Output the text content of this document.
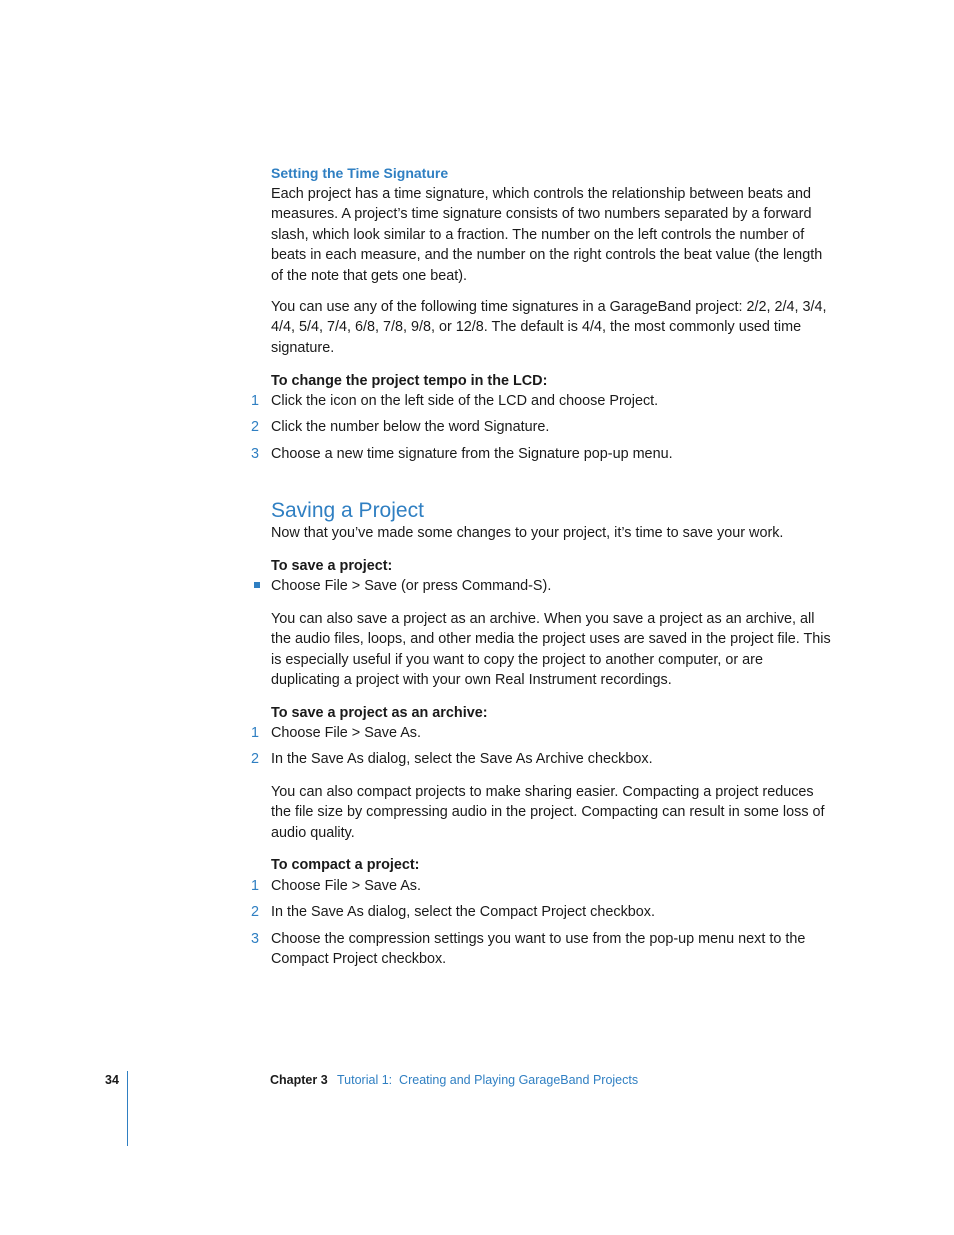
Setting the Time Signature

Each project has a time signature, which controls the relationship between beats and measures. A project’s time signature consists of two numbers separated by a forward slash, which look similar to a fraction. The number on the left controls the number of beats in each measure, and the number on the right controls the beat value (the length of the note that gets one beat).

You can use any of the following time signatures in a GarageBand project: 2/2, 2/4, 3/4, 4/4, 5/4, 7/4, 6/8, 7/8, 9/8, or 12/8. The default is 4/4, the most commonly used time signature.

To change the project tempo in the LCD:
1 Click the icon on the left side of the LCD and choose Project.
2 Click the number below the word Signature.
3 Choose a new time signature from the Signature pop-up menu.
Saving a Project
Now that you’ve made some changes to your project, it’s time to save your work.
To save a project:
Choose File > Save (or press Command-S).

You can also save a project as an archive. When you save a project as an archive, all the audio files, loops, and other media the project uses are saved in the project file. This is especially useful if you want to copy the project to another computer, or are duplicating a project with your own Real Instrument recordings.

To save a project as an archive:
1 Choose File > Save As.
2 In the Save As dialog, select the Save As Archive checkbox.

You can also compact projects to make sharing easier. Compacting a project reduces the file size by compressing audio in the project. Compacting can result in some loss of audio quality.

To compact a project:
1 Choose File > Save As.
2 In the Save As dialog, select the Compact Project checkbox.
3 Choose the compression settings you want to use from the pop-up menu next to the Compact Project checkbox.
34	Chapter 3 Tutorial 1:  Creating and Playing GarageBand Projects
